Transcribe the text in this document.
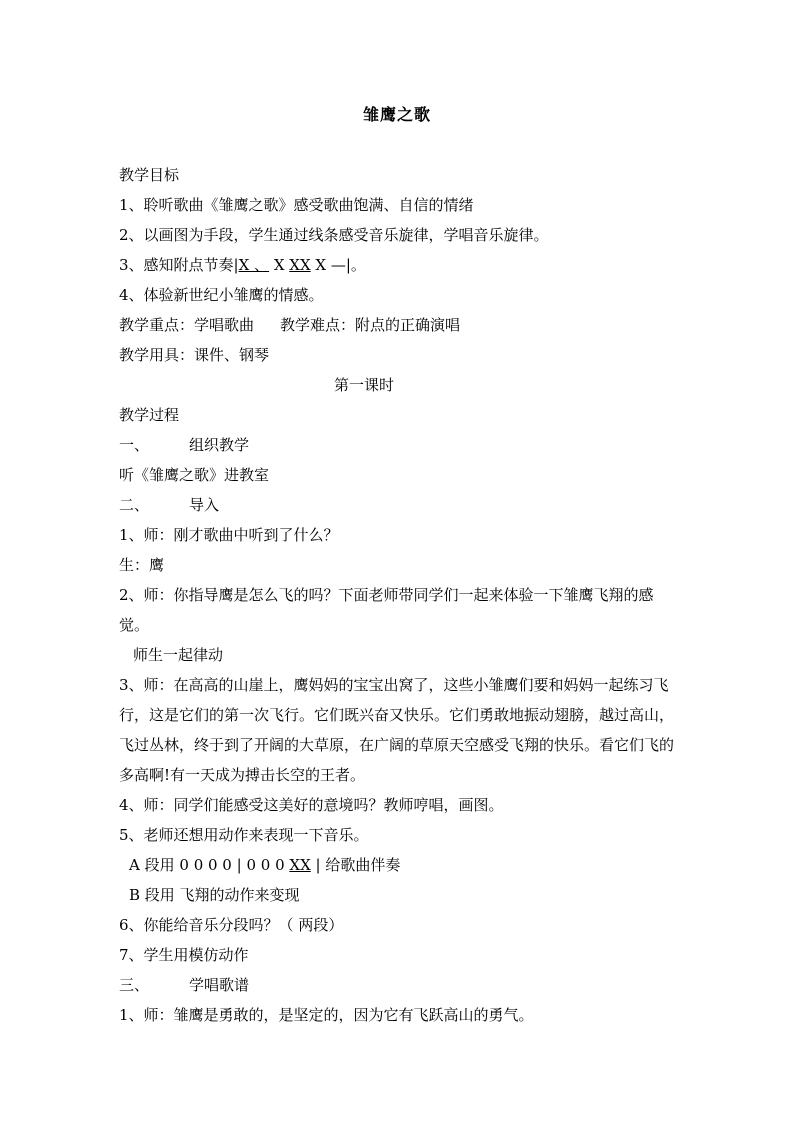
雏鹰之歌
教学目标
1、聆听歌曲《雏鹰之歌》感受歌曲饱满、自信的情绪
2、以画图为手段，学生通过线条感受音乐旋律，学唱音乐旋律。
3、感知附点节奏|X 、 X XX X —|。
4、体验新世纪小雏鹰的情感。
教学重点：学唱歌曲 教学难点：附点的正确演唱
教学用具：课件、钢琴
第一课时
教学过程
一、	组织教学
听《雏鹰之歌》进教室
二、	导入
1、师：刚才歌曲中听到了什么？
生：鹰
2、师：你指导鹰是怎么飞的吗？下面老师带同学们一起来体验一下雏鹰飞翔的感觉。
师生一起律动
3、师：在高高的山崖上，鹰妈妈的宝宝出窝了，这些小雏鹰们要和妈妈一起练习飞行，这是它们的第一次飞行。它们既兴奋又快乐。它们勇敢地振动翅膀，越过高山，飞过丛林，终于到了开阔的大草原，在广阔的草原天空感受飞翔的快乐。看它们飞的多高啊!有一天成为搏击长空的王者。
4、师：同学们能感受这美好的意境吗？教师哼唱，画图。
5、老师还想用动作来表现一下音乐。
A 段用 0 0 0 0 | 0 0 0 XX | 给歌曲伴奏
B 段用 飞翔的动作来变现
6、你能给音乐分段吗？（ 两段）
7、学生用模仿动作
三、	学唱歌谱
1、师：雏鹰是勇敢的，是坚定的，因为它有飞跃高山的勇气。
